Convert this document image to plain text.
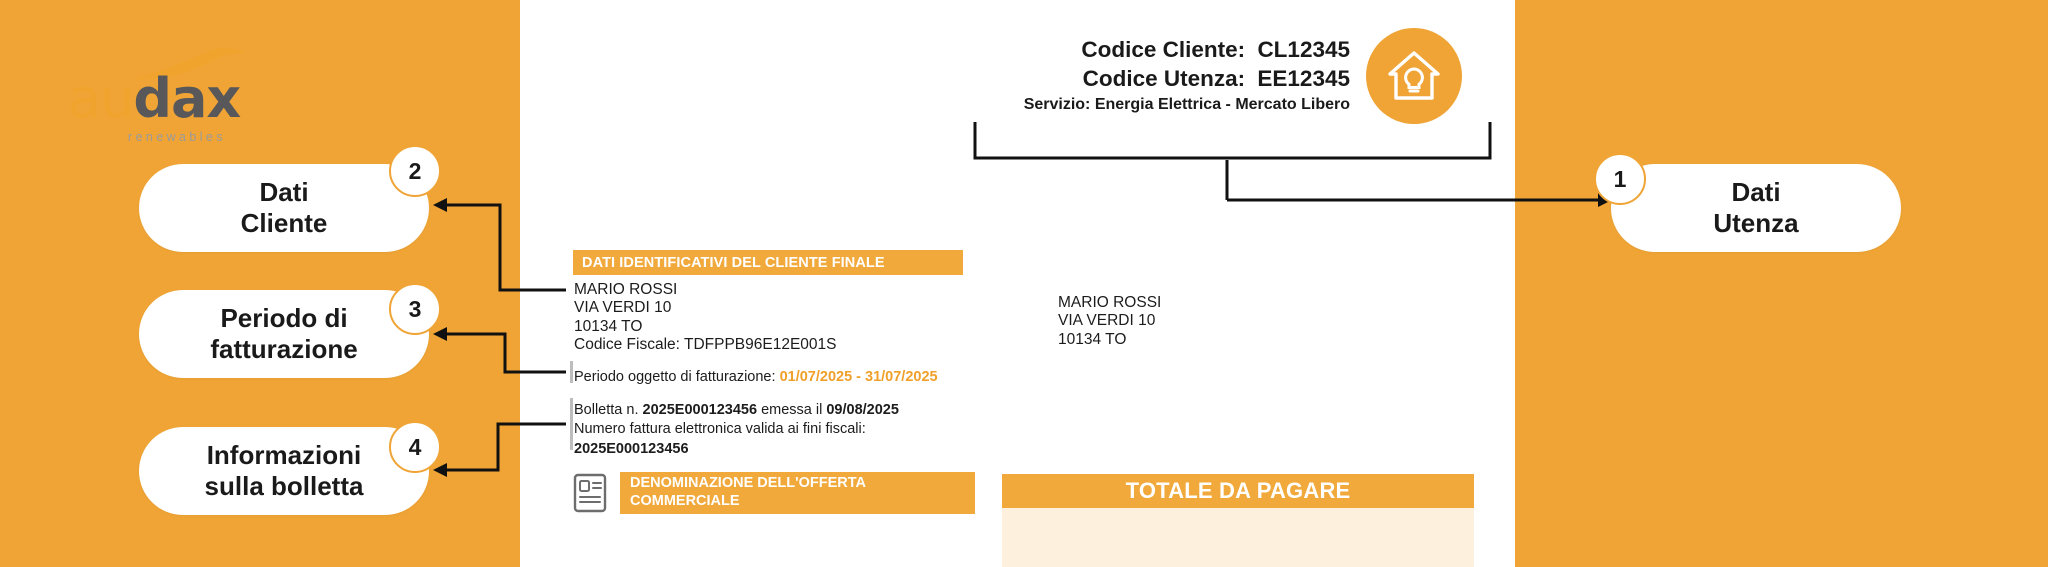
audax
renewables
Codice Cliente: CL12345
Codice Utenza: EE12345
Servizio: Energia Elettrica - Mercato Libero
DATI IDENTIFICATIVI DEL CLIENTE FINALE
MARIO ROSSI
VIA VERDI 10
10134 TO
Codice Fiscale: TDFPPB96E12E001S
MARIO ROSSI
VIA VERDI 10
10134 TO
Periodo oggetto di fatturazione: 01/07/2025 - 31/07/2025
Bolletta n. 2025E000123456 emessa il 09/08/2025
Numero fattura elettronica valida ai fini fiscali:
2025E000123456
DENOMINAZIONE DELL'OFFERTA
COMMERCIALE	TOTALE DA PAGARE
Dati
Utenza
1
Dati
Cliente
2
Periodo di
fatturazione
3
Informazioni
sulla bolletta
4
